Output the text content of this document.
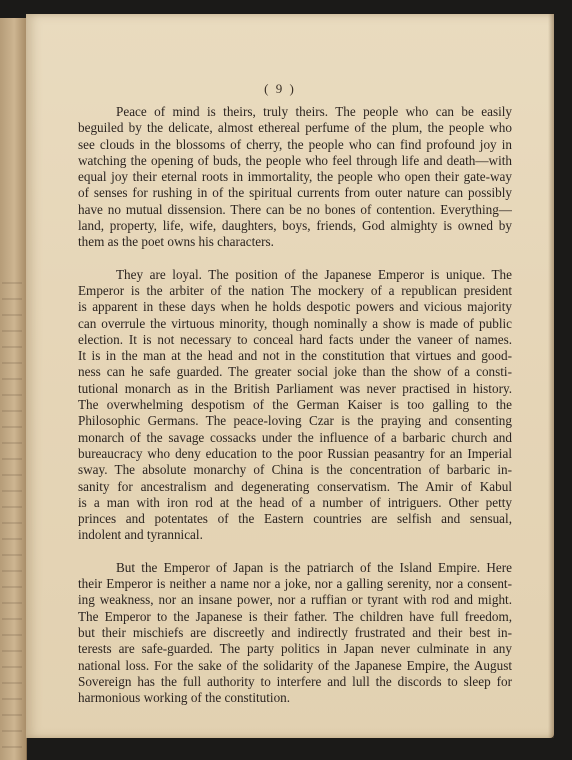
( 9 )

Peace of mind is theirs, truly theirs. The people who can be easily
beguiled by the delicate, almost ethereal perfume of the plum, the people who
see clouds in the blossoms of cherry, the people who can find profound joy in
watching the opening of buds, the people who feel through life and death—with
equal joy their eternal roots in immortality, the people who open their gate-way
of senses for rushing in of the spiritual currents from outer nature can possibly
have no mutual dissension. There can be no bones of contention. Everything—
land, property, life, wife, daughters, boys, friends, God almighty is owned by
them as the poet owns his characters.

They are loyal. The position of the Japanese Emperor is unique. The
Emperor is the arbiter of the nation The mockery of a republican president
is apparent in these days when he holds despotic powers and vicious majority
can overrule the virtuous minority, though nominally a show is made of public
election. It is not necessary to conceal hard facts under the vaneer of names.
It is in the man at the head and not in the constitution that virtues and good-
ness can he safe guarded. The greater social joke than the show of a consti-
tutional monarch as in the British Parliament was never practised in history.
The overwhelming despotism of the German Kaiser is too galling to the
Philosophic Germans. The peace-loving Czar is the praying and consenting
monarch of the savage cossacks under the influence of a barbaric church and
bureaucracy who deny education to the poor Russian peasantry for an Imperial
sway. The absolute monarchy of China is the concentration of barbaric in-
sanity for ancestralism and degenerating conservatism. The Amir of Kabul
is a man with iron rod at the head of a number of intriguers. Other petty
princes and potentates of the Eastern countries are selfish and sensual,
indolent and tyrannical.

But the Emperor of Japan is the patriarch of the Island Empire. Here
their Emperor is neither a name nor a joke, nor a galling serenity, nor a consent-
ing weakness, nor an insane power, nor a ruffian or tyrant with rod and might.
The Emperor to the Japanese is their father. The children have full freedom,
but their mischiefs are discreetly and indirectly frustrated and their best in-
terests are safe-guarded. The party politics in Japan never culminate in any
national loss. For the sake of the solidarity of the Japanese Empire, the August
Sovereign has the full authority to interfere and lull the discords to sleep for
harmonious working of the constitution.
